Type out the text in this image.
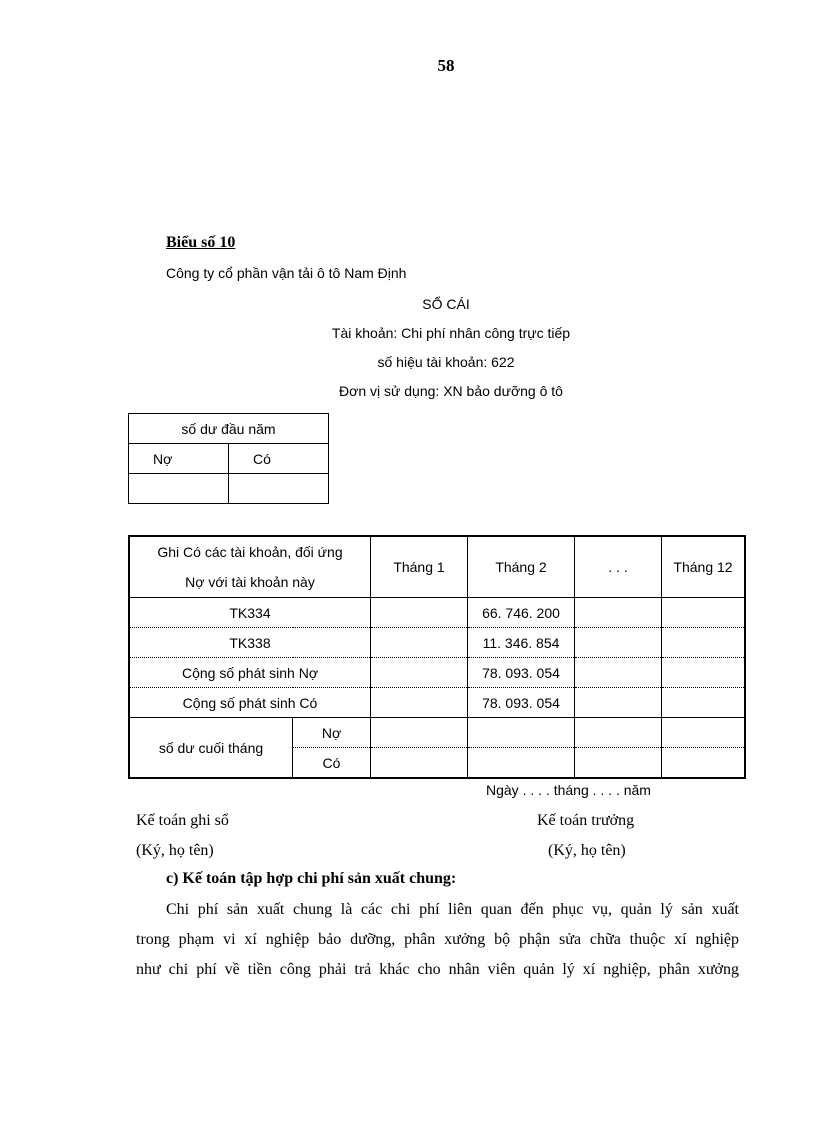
58
Biểu số 10
Công ty cổ phần vận tải ô tô Nam Định
SỔ CÁI
Tài khoản: Chi phí nhân công trực tiếp
số hiệu tài khoản: 622
Đơn vị sử dụng: XN bảo dưỡng ô tô
số dư đầu năm	
Nợ	Có

Ghi Có các tài khoản, đối ứng
Nợ với tài khoản này		Tháng 1	Tháng 2	. . .	Tháng 12
TK334			66. 746. 200		
TK338			11. 346. 854		
Cộng số phát sinh Nợ			78. 093. 054		
Cộng số phát sinh Có			78. 093. 054		
số dư cuối tháng	Nợ				
	Có				
Ngày . . . . tháng . . . . năm
Kế toán ghi sổ	Kế toán trưởng
(Ký, họ tên)	(Ký, họ tên)
c) Kế toán tập hợp chi phí sản xuất chung:
Chi phí sản xuất chung là các chi phí liên quan đến phục vụ, quản lý sản xuất
trong phạm vi xí nghiệp bảo dưỡng, phân xưởng bộ phận sửa chữa thuộc xí nghiệp
như chi phí về tiền công phải trả khác cho nhân viên quản lý xí nghiệp, phân xưởng
